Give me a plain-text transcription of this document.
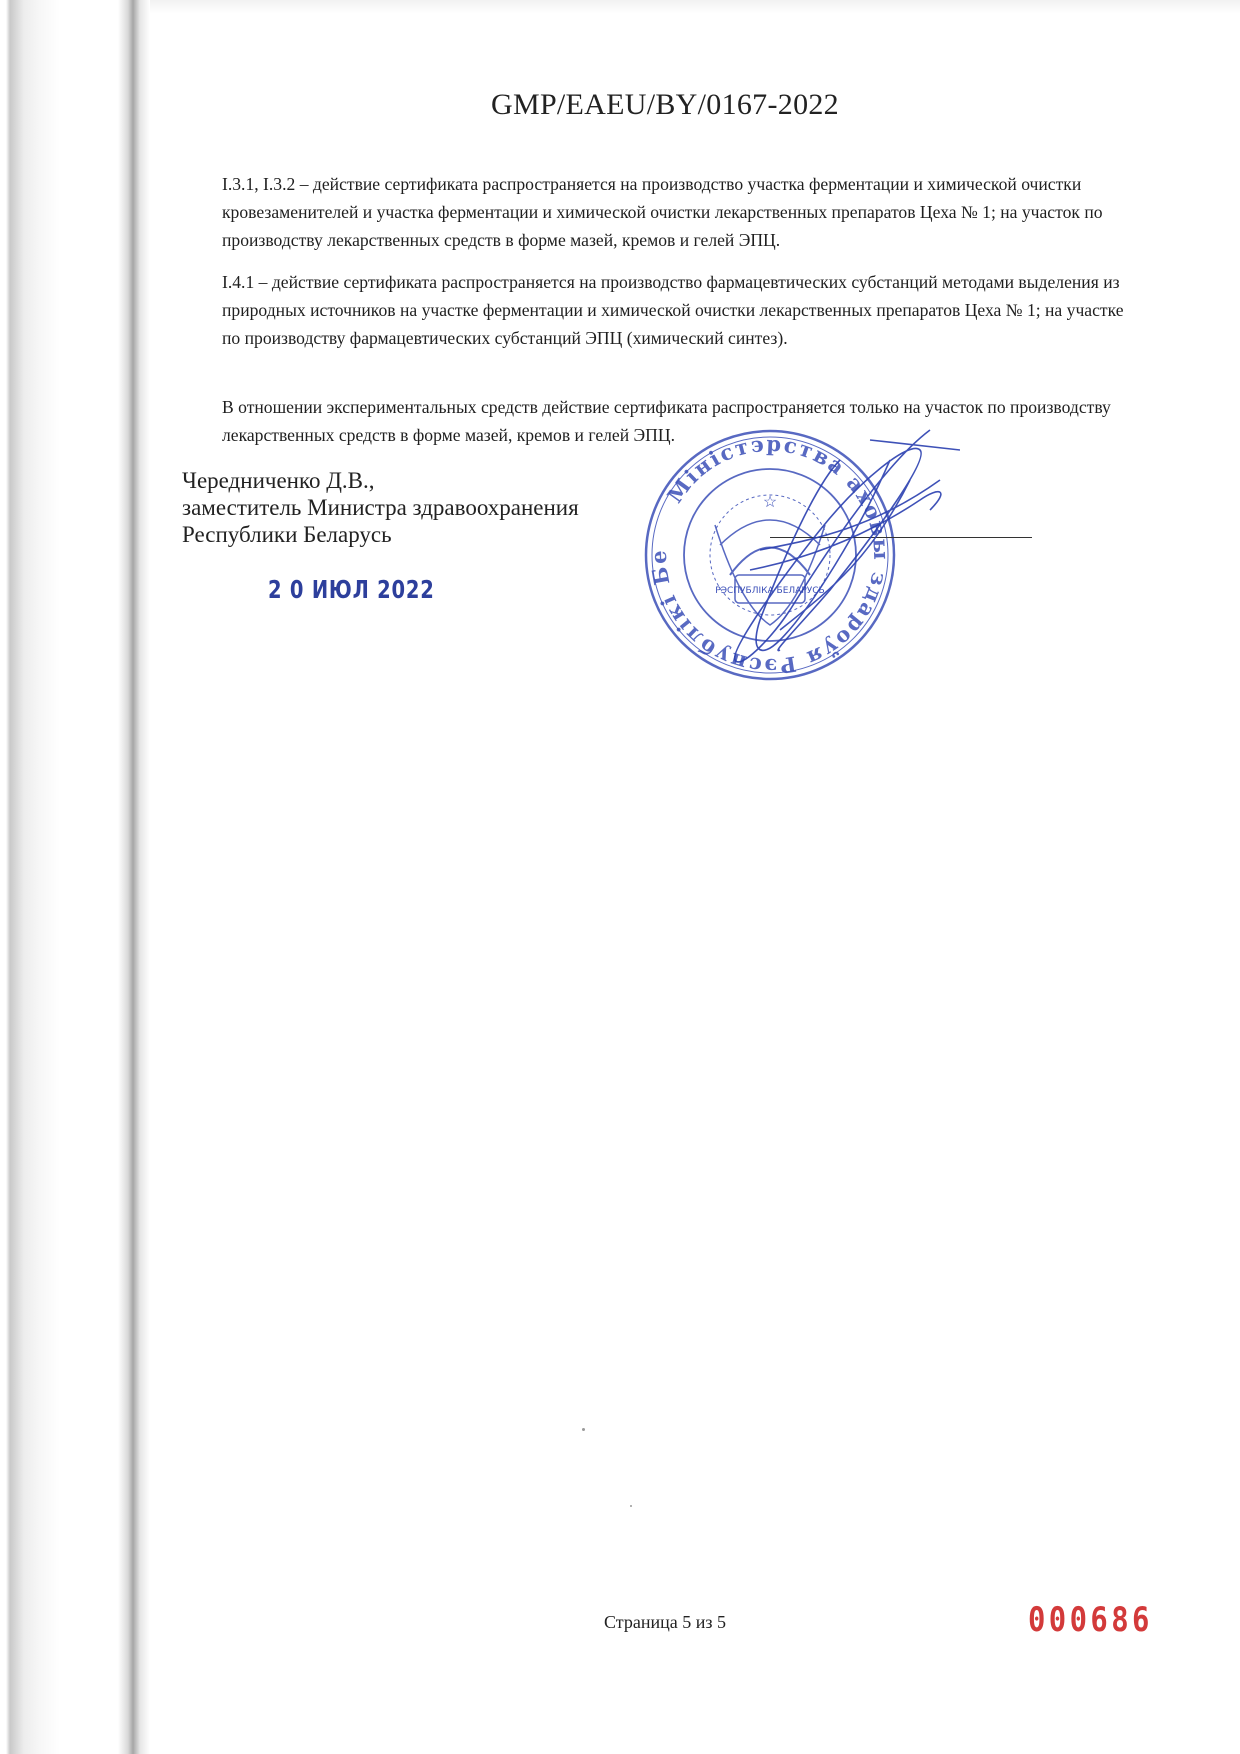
GMP/EAEU/BY/0167-2022
I.3.1, I.3.2 – действие сертификата распространяется на производство участка ферментации и химической очистки кровезаменителей и участка ферментации и химической очистки лекарственных препаратов Цеха № 1; на участок по производству лекарственных средств в форме мазей, кремов и гелей ЭПЦ.
I.4.1 – действие сертификата распространяется на производство фармацевтических субстанций методами выделения из природных источников на участке ферментации и химической очистки лекарственных препаратов Цеха № 1; на участке по производству фармацевтических субстанций ЭПЦ (химический синтез).
В отношении экспериментальных средств действие сертификата распространяется только на участок по производству лекарственных средств в форме мазей, кремов и гелей ЭПЦ.
Чередниченко Д.В.,
заместитель Министра здравоохранения
Республики Беларусь
2 0 ИЮЛ 2022
Міністэрства аховы здароўя Рэспублікі Бе
РЭСПУБЛІКА БЕЛАРУСЬ
☆
Страница 5 из 5	000686
